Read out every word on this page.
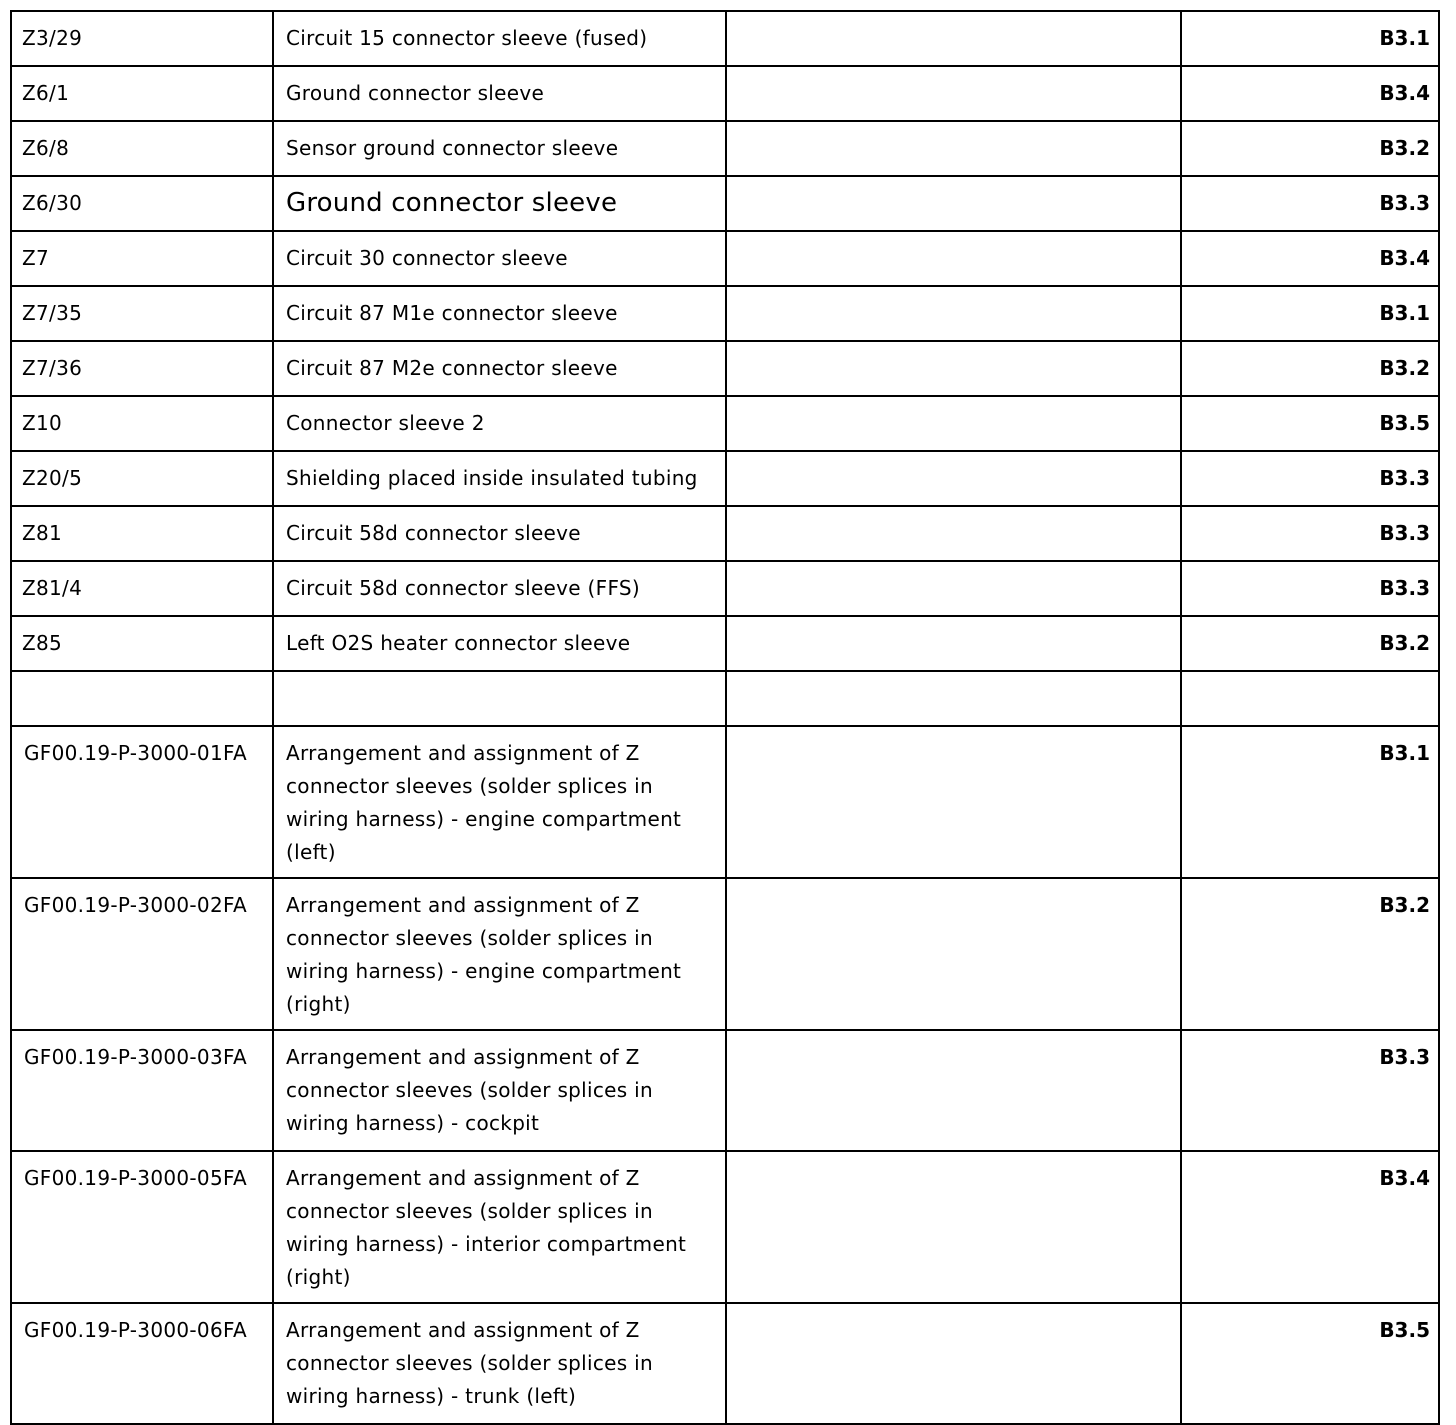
Z3/29	Circuit 15 connector sleeve (fused)		B3.1
Z6/1	Ground connector sleeve		B3.4
Z6/8	Sensor ground connector sleeve		B3.2
Z6/30	Ground connector sleeve		B3.3
Z7	Circuit 30 connector sleeve		B3.4
Z7/35	Circuit 87 M1e connector sleeve		B3.1
Z7/36	Circuit 87 M2e connector sleeve		B3.2
Z10	Connector sleeve 2		B3.5
Z20/5	Shielding placed inside insulated tubing		B3.3
Z81	Circuit 58d connector sleeve		B3.3
Z81/4	Circuit 58d connector sleeve (FFS)		B3.3
Z85	Left O2S heater connector sleeve		B3.2

GF00.19-P-3000-01FA	Arrangement and assignment of Z connector sleeves (solder splices in wiring harness) - engine compartment (left)		B3.1
GF00.19-P-3000-02FA	Arrangement and assignment of Z connector sleeves (solder splices in wiring harness) - engine compartment (right)		B3.2
GF00.19-P-3000-03FA	Arrangement and assignment of Z connector sleeves (solder splices in wiring harness) - cockpit		B3.3
GF00.19-P-3000-05FA	Arrangement and assignment of Z connector sleeves (solder splices in wiring harness) - interior compartment (right)		B3.4
GF00.19-P-3000-06FA	Arrangement and assignment of Z connector sleeves (solder splices in wiring harness) - trunk (left)		B3.5
